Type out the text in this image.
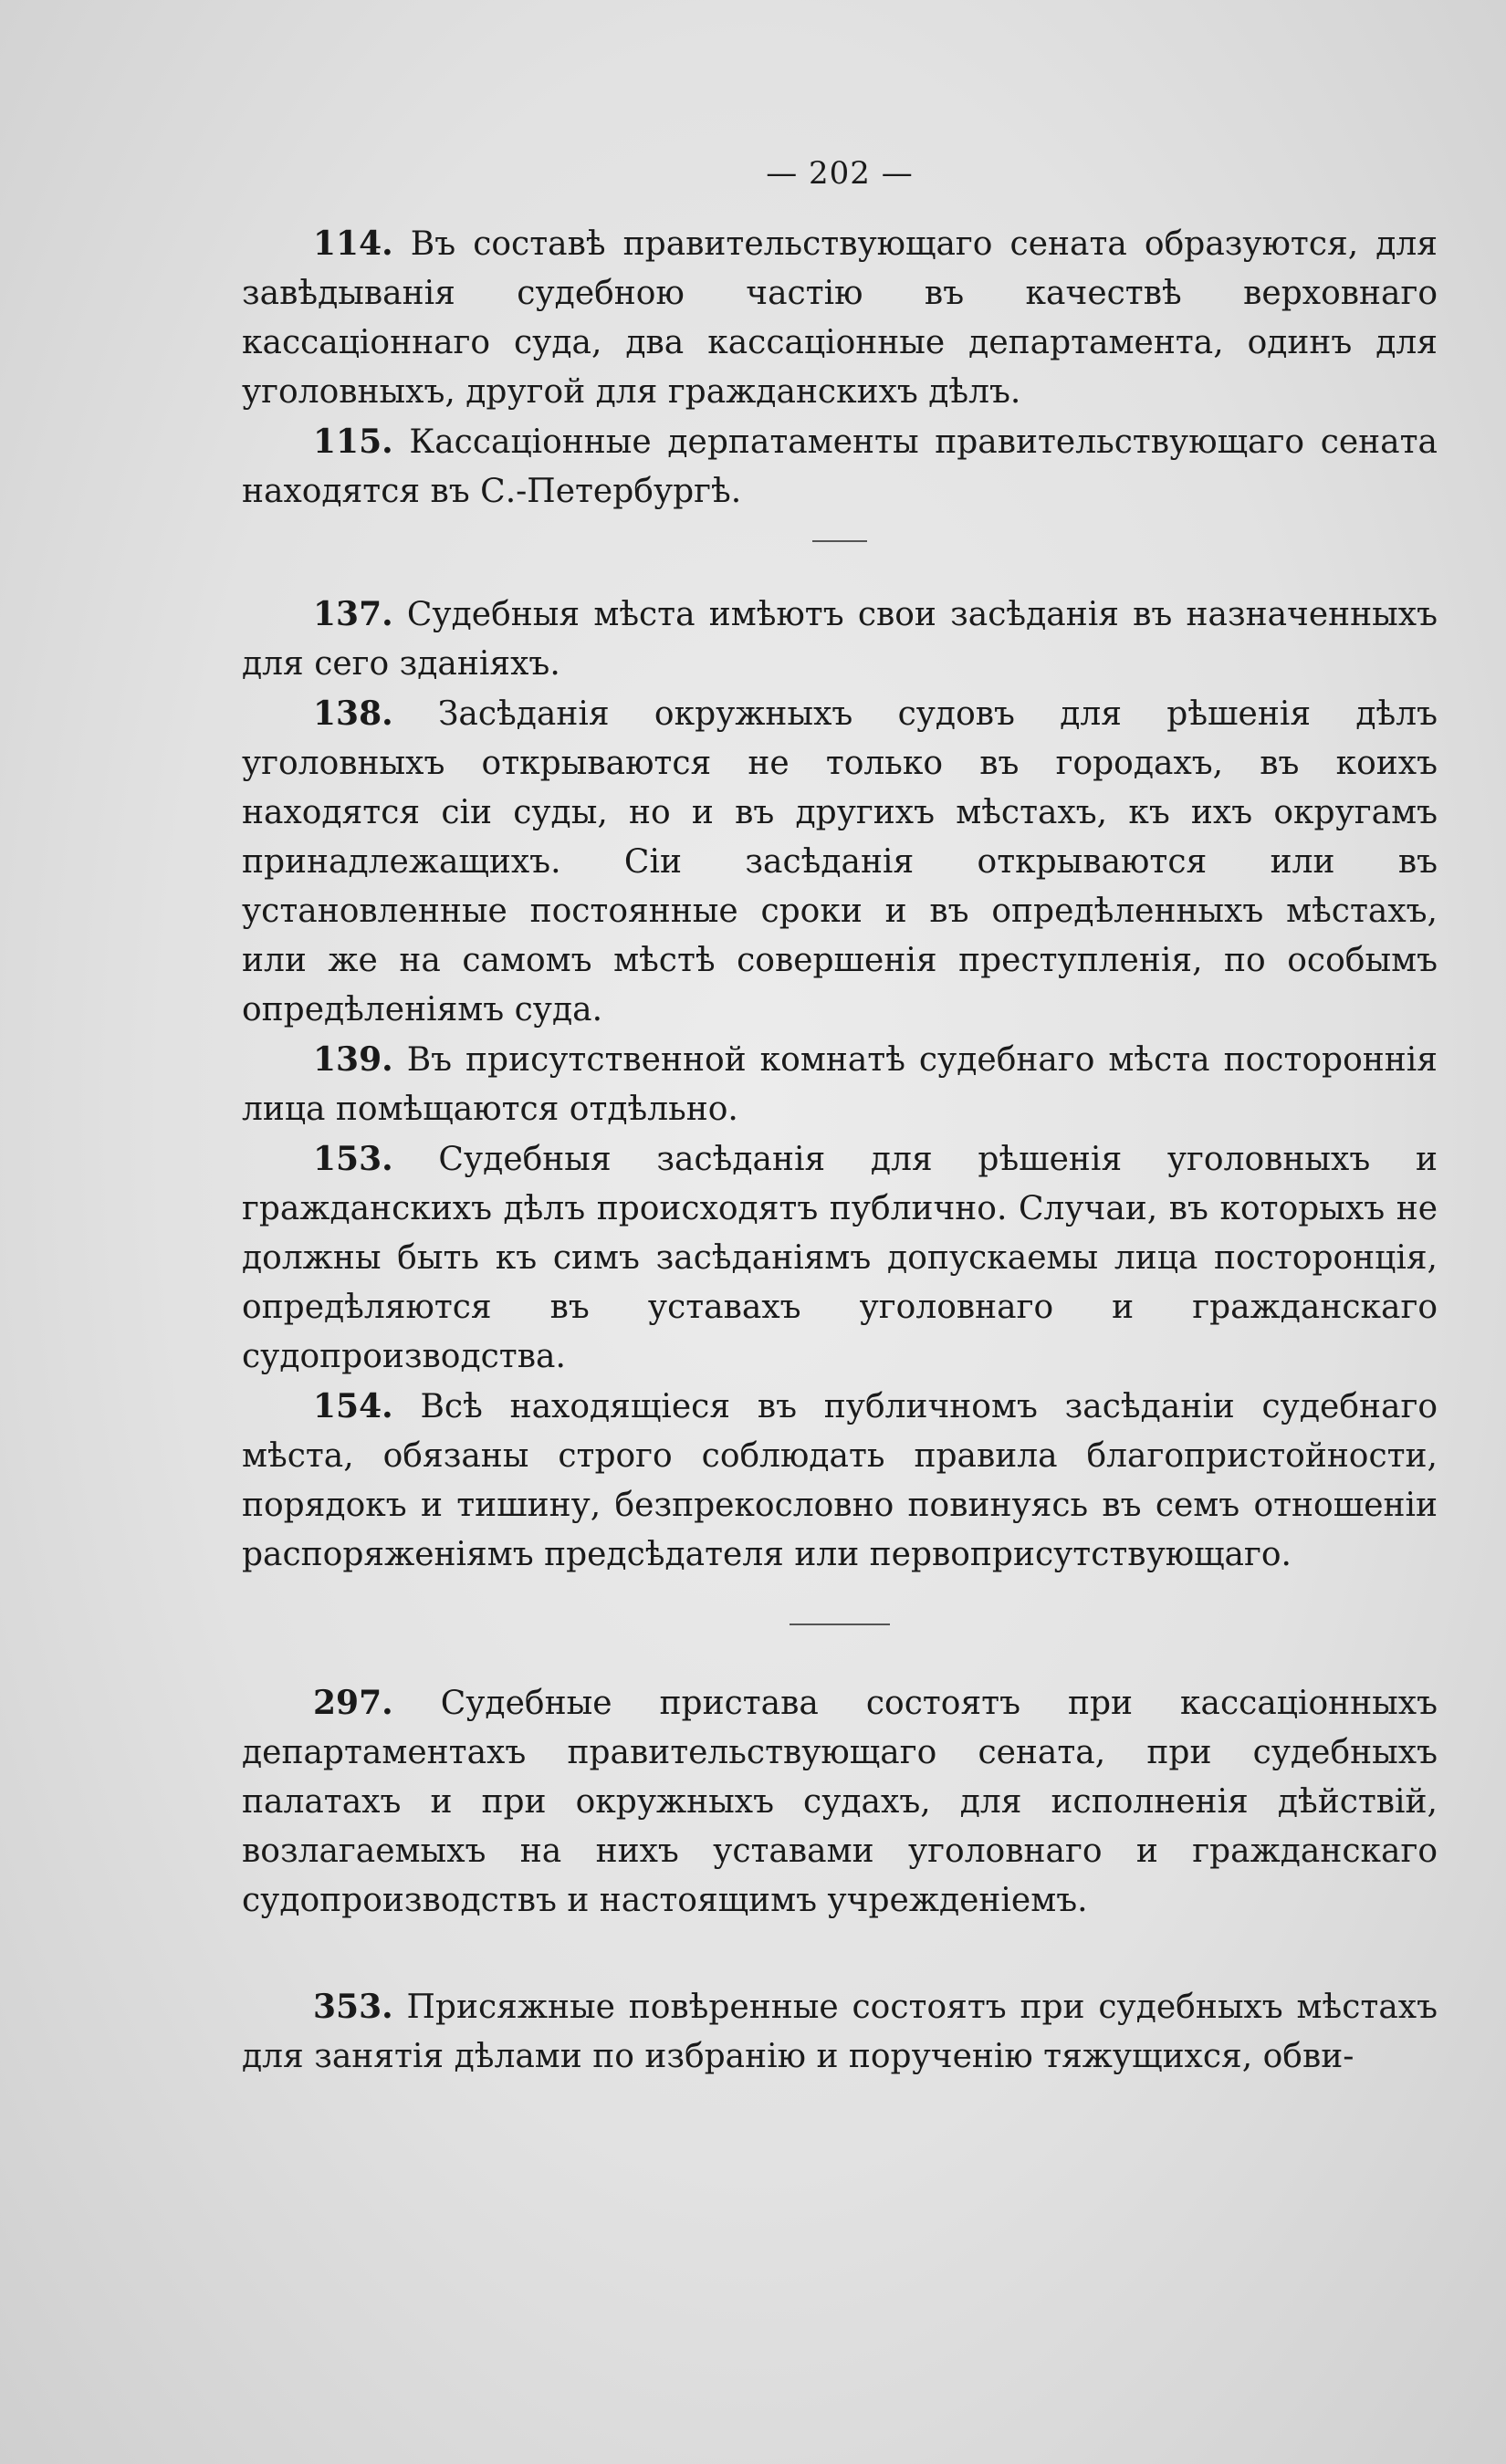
— 202 —

114. Въ составѣ правительствующаго сената образуются, для завѣдыванія судебною частію въ качествѣ верховнаго кассаціоннаго суда, два кассаціонные департамента, одинъ для уголовныхъ, другой для гражданскихъ дѣлъ.

115. Кассаціонные дерпатаменты правительствующаго сената находятся въ С.-Петербургѣ.

137. Судебныя мѣста имѣютъ свои засѣданія въ назначенныхъ для сего зданіяхъ.

138. Засѣданія окружныхъ судовъ для рѣшенія дѣлъ уголовныхъ открываются не только въ городахъ, въ коихъ находятся сіи суды, но и въ другихъ мѣстахъ, къ ихъ округамъ принадлежащихъ. Сіи засѣданія открываются или въ установленные постоянные сроки и въ опредѣленныхъ мѣстахъ, или же на самомъ мѣстѣ совершенія преступленія, по особымъ опредѣленіямъ суда.

139. Въ присутственной комнатѣ судебнаго мѣста постороннія лица помѣщаются отдѣльно.

153. Судебныя засѣданія для рѣшенія уголовныхъ и гражданскихъ дѣлъ происходятъ публично. Случаи, въ которыхъ не должны быть къ симъ засѣданіямъ допускаемы лица посторонція, опредѣляются въ уставахъ уголовнаго и гражданскаго судопроизводства.

154. Всѣ находящіеся въ публичномъ засѣданіи судебнаго мѣста, обязаны строго соблюдать правила благопристойности, порядокъ и тишину, безпрекословно повинуясь въ семъ отношеніи распоряженіямъ предсѣдателя или первоприсутствующаго.

297. Судебные пристава состоятъ при кассаціонныхъ департаментахъ правительствующаго сената, при судебныхъ палатахъ и при окружныхъ судахъ, для исполненія дѣйствій, возлагаемыхъ на нихъ уставами уголовнаго и гражданскаго судопроизводствъ и настоящимъ учрежденіемъ.

353. Присяжные повѣренные состоятъ при судебныхъ мѣстахъ для занятія дѣлами по избранію и порученію тяжущихся, обви-
